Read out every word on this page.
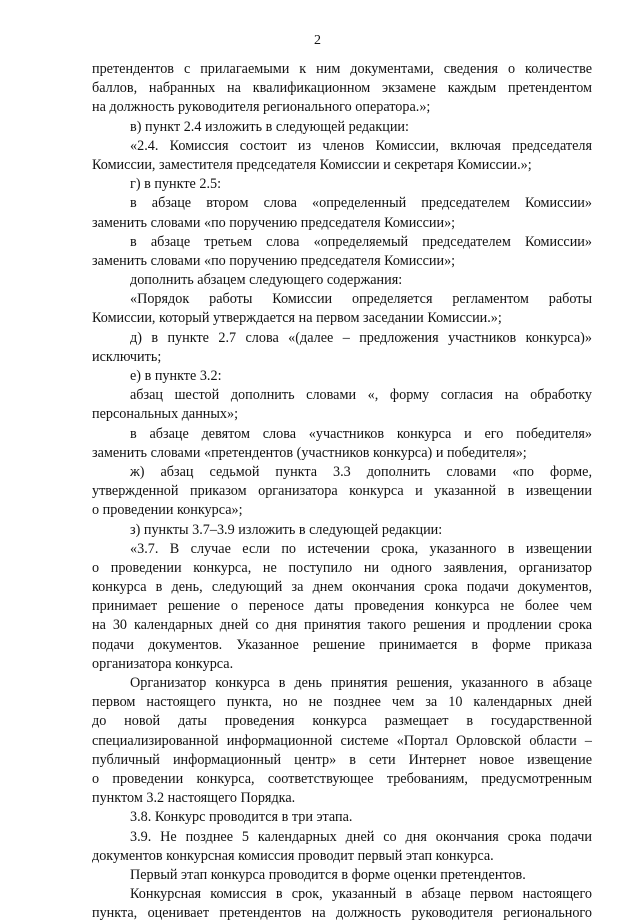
2
претендентов с прилагаемыми к ним документами, сведения о количестве
баллов, набранных на квалификационном экзамене каждым претендентом
на должность руководителя регионального оператора.»;
в) пункт 2.4 изложить в следующей редакции:
«2.4. Комиссия состоит из членов Комиссии, включая председателя
Комиссии, заместителя председателя Комиссии и секретаря Комиссии.»;
г) в пункте 2.5:
в абзаце втором слова «определенный председателем Комиссии»
заменить словами «по поручению председателя Комиссии»;
в абзаце третьем слова «определяемый председателем Комиссии»
заменить словами «по поручению председателя Комиссии»;
дополнить абзацем следующего содержания:
«Порядок работы Комиссии определяется регламентом работы
Комиссии, который утверждается на первом заседании Комиссии.»;
д) в пункте 2.7 слова «(далее – предложения участников конкурса)»
исключить;
е) в пункте 3.2:
абзац шестой дополнить словами «, форму согласия на обработку
персональных данных»;
в абзаце девятом слова «участников конкурса и его победителя»
заменить словами «претендентов (участников конкурса) и победителя»;
ж) абзац седьмой пункта 3.3 дополнить словами «по форме,
утвержденной приказом организатора конкурса и указанной в извещении
о проведении конкурса»;
з) пункты 3.7–3.9 изложить в следующей редакции:
«3.7. В случае если по истечении срока, указанного в извещении
о проведении конкурса, не поступило ни одного заявления, организатор
конкурса в день, следующий за днем окончания срока подачи документов,
принимает решение о переносе даты проведения конкурса не более чем
на 30 календарных дней со дня принятия такого решения и продлении срока
подачи документов. Указанное решение принимается в форме приказа
организатора конкурса.
Организатор конкурса в день принятия решения, указанного в абзаце
первом настоящего пункта, но не позднее чем за 10 календарных дней
до новой даты проведения конкурса размещает в государственной
специализированной информационной системе «Портал Орловской области –
публичный информационный центр» в сети Интернет новое извещение
о проведении конкурса, соответствующее требованиям, предусмотренным
пунктом 3.2 настоящего Порядка.
3.8. Конкурс проводится в три этапа.
3.9. Не позднее 5 календарных дней со дня окончания срока подачи
документов конкурсная комиссия проводит первый этап конкурса.
Первый этап конкурса проводится в форме оценки претендентов.
Конкурсная комиссия в срок, указанный в абзаце первом настоящего
пункта, оценивает претендентов на должность руководителя регионального
